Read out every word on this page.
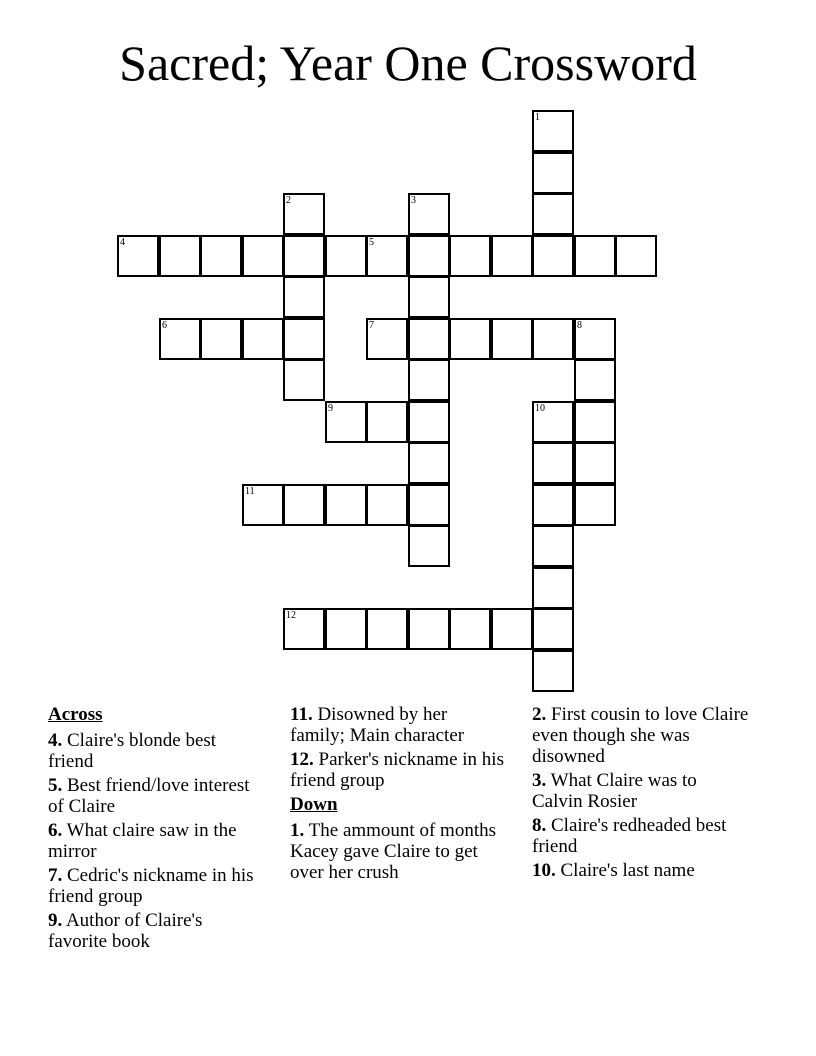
Sacred; Year One Crossword
1
2	3
4	5
6	7	8
9	10
11
12
Across
4. Claire's blonde best friend
5. Best friend/love interest of Claire
6. What claire saw in the mirror
7. Cedric's nickname in his friend group
9. Author of Claire's favorite book
11. Disowned by her family; Main character
12. Parker's nickname in his friend group
Down
1. The ammount of months Kacey gave Claire to get over her crush
2. First cousin to love Claire even though she was disowned
3. What Claire was to Calvin Rosier
8. Claire's redheaded best friend
10. Claire's last name
